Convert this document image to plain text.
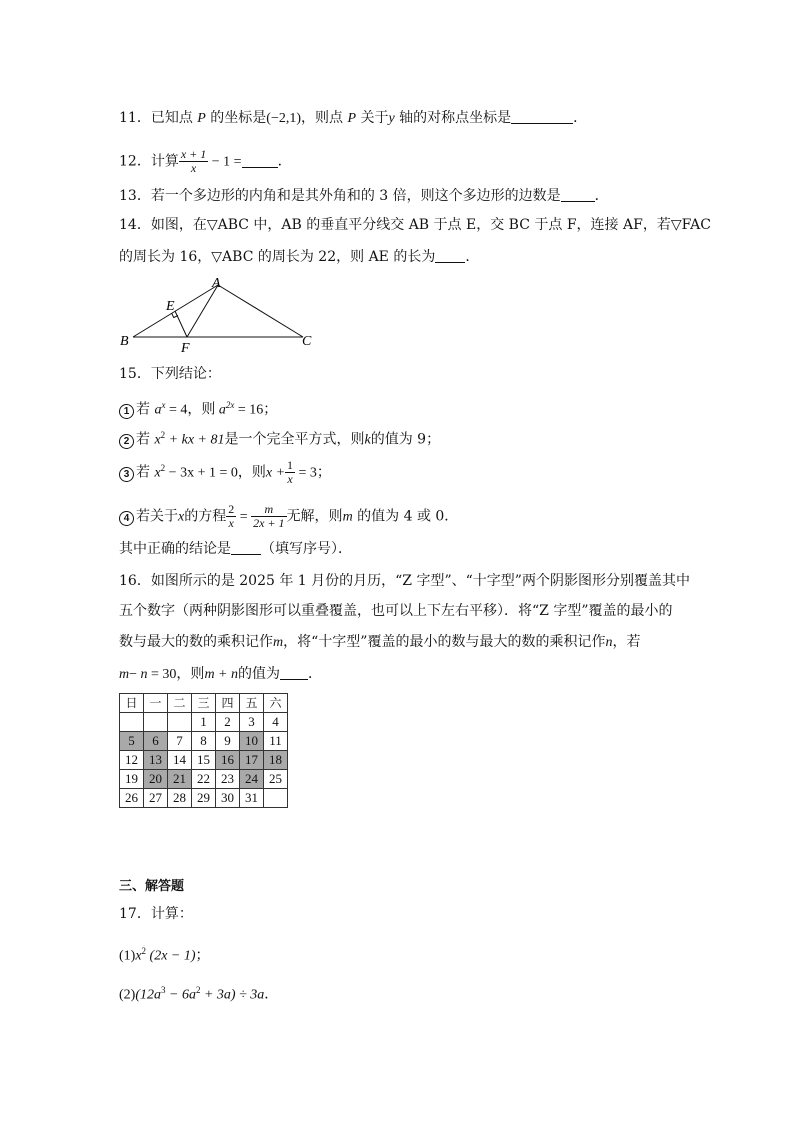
11．已知点 P 的坐标是(−2,1)，则点 P 关于y 轴的对称点坐标是	．
12．计算 $\frac{x + 1}{x} - 1$ =	．
13．若一个多边形的内角和是其外角和的 3 倍，则这个多边形的边数是 ．
14．如图，在▽ABC 中，AB 的垂直平分线交 AB 于点 E，交 BC 于点 F，连接 AF，若▽FAC
的周长为 16，▽ABC 的周长为 22，则 AE 的长为 ．
A
B	C
E
F
15．下列结论：
1 若 $a^x = 4$，则 $a^{2x} = 16$；
2 若 $x^2$ + kx + 81是一个完全平方式，则k的值为 9；
3 若 $x^2 - 3x + 1 = 0$，则$x + \frac{1}{x} = 3$；
4 若关于x的方程 $\frac{2}{x} = \frac{m}{2x + 1}$ 无解，则m 的值为 4 或 0．
其中正确的结论是 （填写序号）．
16．如图所示的是 2025 年 1 月份的月历，“Z 字型”、“十字型”两个阴影图形分别覆盖其中
五个数字（两种阴影图形可以重叠覆盖，也可以上下左右平移）．将“Z 字型”覆盖的最小的
数与最大的数的乘积记作m，将“十字型”覆盖的最小的数与最大的数的乘积记作n，若
m− n = 30，则m + n的值为 ．
日	一	二	三	四	五	六
			1	2	3	4
5	6	7	8	9	10	11
12	13	14	15	16	17	18
19	20	21	22	23	24	25
26	27	28	29	30	31	
三、解答题
17．计算：
$(1)x^2$ (2x − 1)；
$(2)(12a^3 - 6a^2 + 3a) \div 3a$．
